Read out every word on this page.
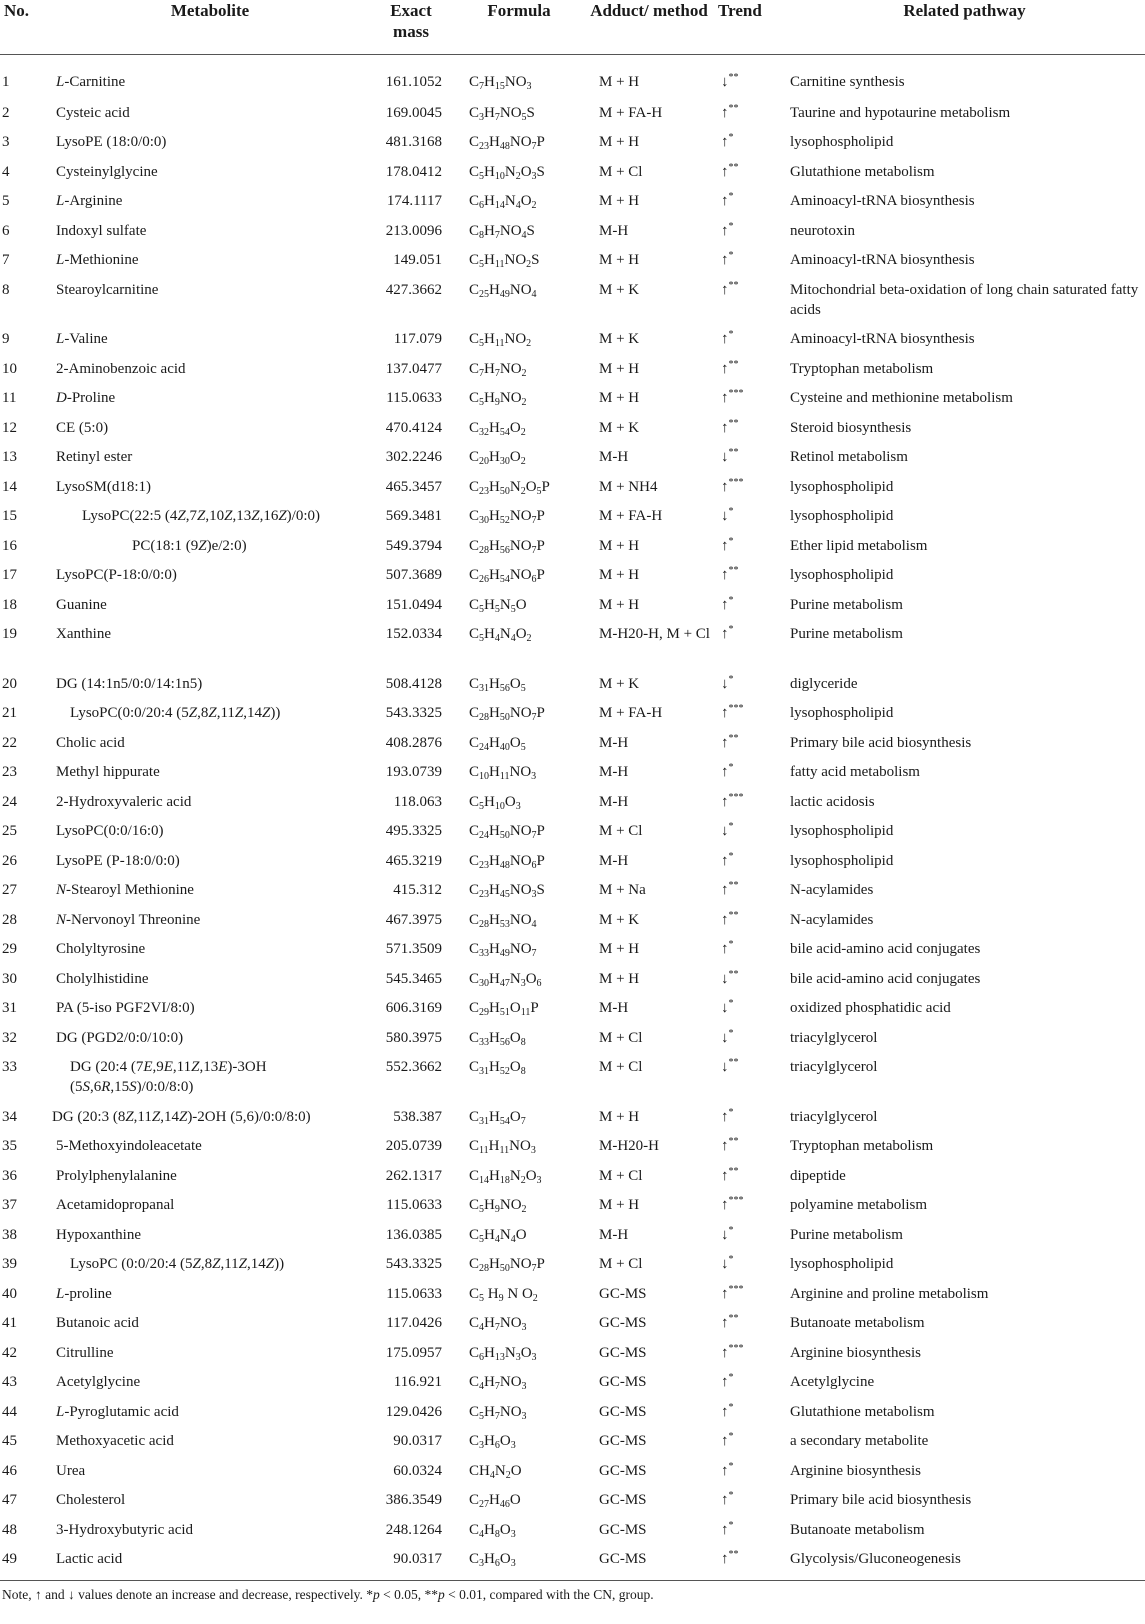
No.	Metabolite	Exact mass	Formula	Adduct/ method	Trend	Related pathway
1	L-Carnitine	161.1052	$C_7H_{15}NO_3$	M + H	↓**	Carnitine synthesis
2	Cysteic acid	169.0045	$C_3H_7NO_5S$	M + FA-H	↑**	Taurine and hypotaurine metabolism
3	LysoPE (18:0/0:0)	481.3168	$C_{23}H_{48}NO_7P$	M + H	↑*	lysophospholipid
4	Cysteinylglycine	178.0412	$C_5H_{10}N_2O_3S$	M + Cl	↑**	Glutathione metabolism
5	L-Arginine	174.1117	$C_6H_{14}N_4O_2$	M + H	↑*	Aminoacyl-tRNA biosynthesis
6	Indoxyl sulfate	213.0096	$C_8H_7NO_4S$	M-H	↑*	neurotoxin
7	L-Methionine	149.051	$C_5H_{11}NO_2S$	M + H	↑*	Aminoacyl-tRNA biosynthesis
8	Stearoylcarnitine	427.3662	$C_{25}H_{49}NO_4$	M + K	↑**	Mitochondrial beta-oxidation of long chain saturated fatty acids
9	L-Valine	117.079	$C_5H_{11}NO_2$	M + K	↑*	Aminoacyl-tRNA biosynthesis
10	2-Aminobenzoic acid	137.0477	$C_7H_7NO_2$	M + H	↑**	Tryptophan metabolism
11	D-Proline	115.0633	$C_5H_9NO_2$	M + H	↑***	Cysteine and methionine metabolism
12	CE (5:0)	470.4124	$C_{32}H_{54}O_2$	M + K	↑**	Steroid biosynthesis
13	Retinyl ester	302.2246	$C_{20}H_{30}O_2$	M-H	↓**	Retinol metabolism
14	LysoSM(d18:1)	465.3457	$C_{23}H_{50}N_2O_5P$	M + NH4	↑***	lysophospholipid
15	LysoPC(22:5 (4Z,7Z,10Z,13Z,16Z)/0:0)	569.3481	$C_{30}H_{52}NO_7P$	M + FA-H	↓*	lysophospholipid
16	PC(18:1 (9Z)e/2:0)	549.3794	$C_{28}H_{56}NO_7P$	M + H	↑*	Ether lipid metabolism
17	LysoPC(P-18:0/0:0)	507.3689	$C_{26}H_{54}NO_6P$	M + H	↑**	lysophospholipid
18	Guanine	151.0494	$C_5H_5N_5O$	M + H	↑*	Purine metabolism
19	Xanthine	152.0334	$C_5H_4N_4O_2$	M-H20-H, M + Cl	↑*	Purine metabolism
20	DG (14:1n5/0:0/14:1n5)	508.4128	$C_{31}H_{56}O_5$	M + K	↓*	diglyceride
21	LysoPC(0:0/20:4 (5Z,8Z,11Z,14Z))	543.3325	$C_{28}H_{50}NO_7P$	M + FA-H	↑***	lysophospholipid
22	Cholic acid	408.2876	$C_{24}H_{40}O_5$	M-H	↑**	Primary bile acid biosynthesis
23	Methyl hippurate	193.0739	$C_{10}H_{11}NO_3$	M-H	↑*	fatty acid metabolism
24	2-Hydroxyvaleric acid	118.063	$C_5H_{10}O_3$	M-H	↑***	lactic acidosis
25	LysoPC(0:0/16:0)	495.3325	$C_{24}H_{50}NO_7P$	M + Cl	↓*	lysophospholipid
26	LysoPE (P-18:0/0:0)	465.3219	$C_{23}H_{48}NO_6P$	M-H	↑*	lysophospholipid
27	N-Stearoyl Methionine	415.312	$C_{23}H_{45}NO_3S$	M + Na	↑**	N-acylamides
28	N-Nervonoyl Threonine	467.3975	$C_{28}H_{53}NO_4$	M + K	↑**	N-acylamides
29	Cholyltyrosine	571.3509	$C_{33}H_{49}NO_7$	M + H	↑*	bile acid-amino acid conjugates
30	Cholylhistidine	545.3465	$C_{30}H_{47}N_3O_6$	M + H	↓**	bile acid-amino acid conjugates
31	PA (5-iso PGF2VI/8:0)	606.3169	$C_{29}H_{51}O_{11}P$	M-H	↓*	oxidized phosphatidic acid
32	DG (PGD2/0:0/10:0)	580.3975	$C_{33}H_{56}O_8$	M + Cl	↓*	triacylglycerol
33	DG (20:4 (7E,9E,11Z,13E)-3OH (5S,6R,15S)/0:0/8:0)	552.3662	$C_{31}H_{52}O_8$	M + Cl	↓**	triacylglycerol
34	DG (20:3 (8Z,11Z,14Z)-2OH (5,6)/0:0/8:0)	538.387	$C_{31}H_{54}O_7$	M + H	↑*	triacylglycerol
35	5-Methoxyindoleacetate	205.0739	$C_{11}H_{11}NO_3$	M-H20-H	↑**	Tryptophan metabolism
36	Prolylphenylalanine	262.1317	$C_{14}H_{18}N_2O_3$	M + Cl	↑**	dipeptide
37	Acetamidopropanal	115.0633	$C_5H_9NO_2$	M + H	↑***	polyamine metabolism
38	Hypoxanthine	136.0385	$C_5H_4N_4O$	M-H	↓*	Purine metabolism
39	LysoPC (0:0/20:4 (5Z,8Z,11Z,14Z))	543.3325	$C_{28}H_{50}NO_7P$	M + Cl	↓*	lysophospholipid
40	L-proline	115.0633	$C_5$ $H_9$ N $O_2$	GC-MS	↑***	Arginine and proline metabolism
41	Butanoic acid	117.0426	$C_4H_7NO_3$	GC-MS	↑**	Butanoate metabolism
42	Citrulline	175.0957	$C_6H_{13}N_3O_3$	GC-MS	↑***	Arginine biosynthesis
43	Acetylglycine	116.921	$C_4H_7NO_3$	GC-MS	↑*	Acetylglycine
44	L-Pyroglutamic acid	129.0426	$C_5H_7NO_3$	GC-MS	↑*	Glutathione metabolism
45	Methoxyacetic acid	90.0317	$C_3H_6O_3$	GC-MS	↑*	a secondary metabolite
46	Urea	60.0324	$CH_4N_2O$	GC-MS	↑*	Arginine biosynthesis
47	Cholesterol	386.3549	$C_{27}H_{46}O$	GC-MS	↑*	Primary bile acid biosynthesis
48	3-Hydroxybutyric acid	248.1264	$C_4H_8O_3$	GC-MS	↑*	Butanoate metabolism
49	Lactic acid	90.0317	$C_3H_6O_3$	GC-MS	↑**	Glycolysis/Gluconeogenesis
Note, ↑ and ↓ values denote an increase and decrease, respectively. *p < 0.05, **p < 0.01, compared with the CN, group.
